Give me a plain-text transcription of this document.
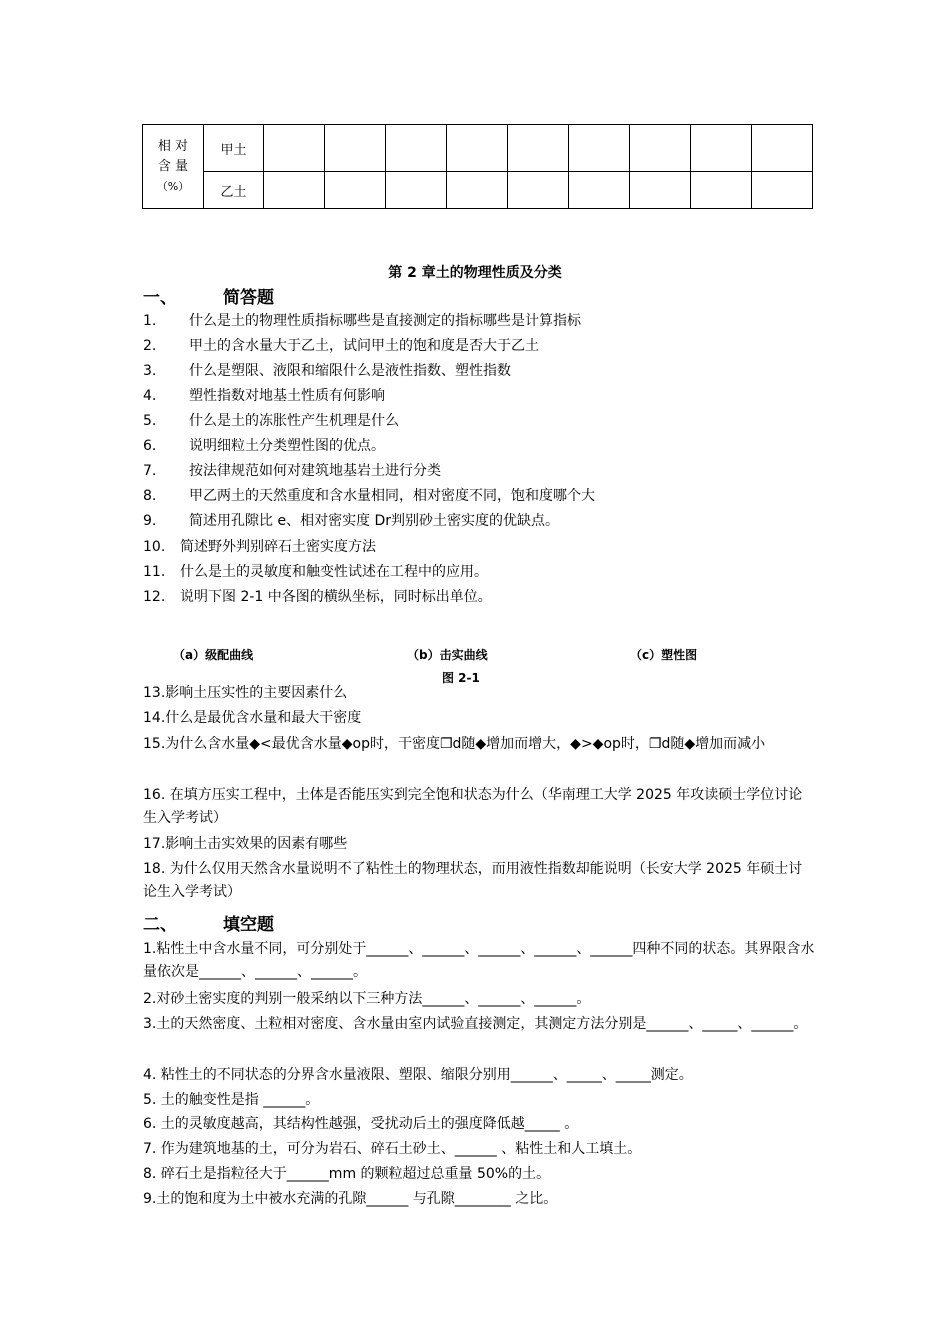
相 对
含 量
（%）	甲土									
	乙土									
第 2 章土的物理性质及分类
一、	简答题
1. 什么是土的物理性质指标哪些是直接测定的指标哪些是计算指标
2. 甲土的含水量大于乙土，试问甲土的饱和度是否大于乙土
3. 什么是塑限、液限和缩限什么是液性指数、塑性指数
4. 塑性指数对地基土性质有何影响
5. 什么是土的冻胀性产生机理是什么
6. 说明细粒土分类塑性图的优点。
7. 按法律规范如何对建筑地基岩土进行分类
8. 甲乙两土的天然重度和含水量相同，相对密度不同，饱和度哪个大
9. 简述用孔隙比 e、相对密实度 Dr判别砂土密实度的优缺点。
10. 简述野外判别碎石土密实度方法
11. 什么是土的灵敏度和触变性试述在工程中的应用。
12. 说明下图 2-1 中各图的横纵坐标，同时标出单位。
（a）级配曲线	（b）击实曲线	（c）塑性图
图 2-1
13.影响土压实性的主要因素什么
14.什么是最优含水量和最大干密度
15.为什么含水量◆<最优含水量◆op时，干密度❐d随◆增加而增大，◆>◆op时，❐d随◆增加而减小
16. 在填方压实工程中，土体是否能压实到完全饱和状态为什么（华南理工大学 2025 年攻读硕士学位讨论生入学考试）
17.影响土击实效果的因素有哪些
18. 为什么仅用天然含水量说明不了粘性土的物理状态，而用液性指数却能说明（长安大学 2025 年硕士讨论生入学考试）
二、	填空题
1.粘性土中含水量不同，可分别处于______、______、______、______、______四种不同的状态。其界限含水量依次是______、______、______。
2.对砂土密实度的判别一般采纳以下三种方法______、______、______。
3.土的天然密度、土粒相对密度、含水量由室内试验直接测定，其测定方法分别是______、_____、______。
4. 粘性土的不同状态的分界含水量液限、塑限、缩限分别用______、_____、_____测定。
5. 土的触变性是指 ______。
6. 土的灵敏度越高，其结构性越强，受扰动后土的强度降低越_____ 。
7. 作为建筑地基的土，可分为岩石、碎石土砂土、______ 、粘性土和人工填土。
8. 碎石土是指粒径大于______mm 的颗粒超过总重量 50%的土。
9.土的饱和度为土中被水充满的孔隙______ 与孔隙________ 之比。
